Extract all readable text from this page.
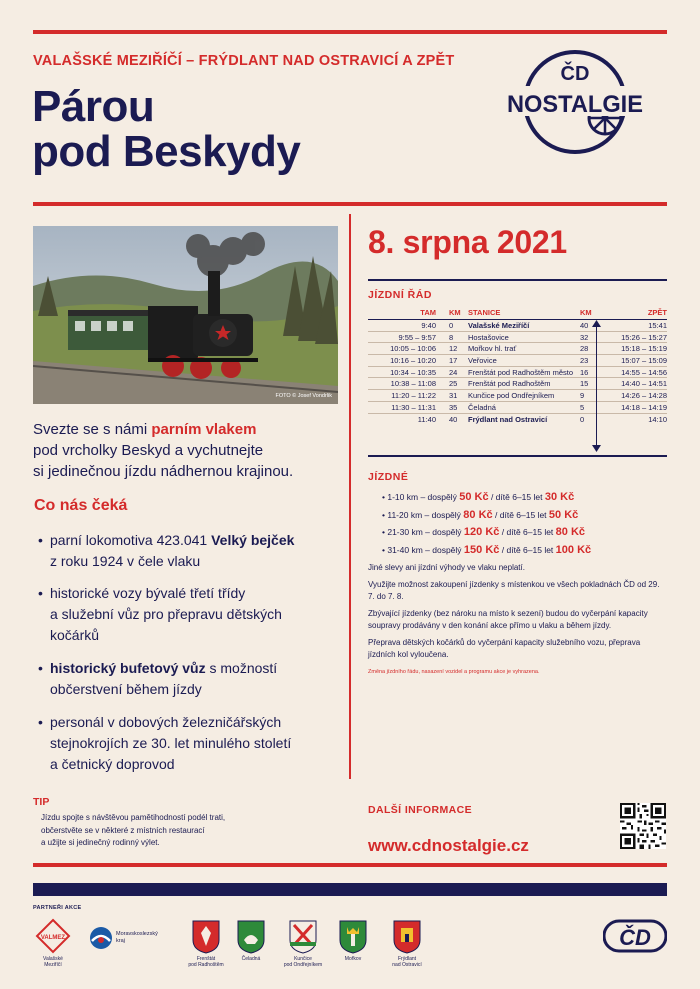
VALAŠSKÉ MEZIŘÍČÍ – FRÝDLANT NAD OSTRAVICÍ A ZPĚT
Párou
pod Beskydy
ČD
NOSTALGIE
FOTO © Josef Vondrlik
8. srpna 2021
JÍZDNÍ ŘÁD
TAM	KM STANICE	KM	ZPĚT
9:40	0	Valašské Meziříčí	40	15:41
9:55 – 9:57	8	Hostašovice	32	15:26 – 15:27
10:05 – 10:06	12	Mořkov hl. trať	28	15:18 – 15:19
10:16 – 10:20	17	Veřovice	23	15:07 – 15:09
10:34 – 10:35	24	Frenštát pod Radhoštěm město 16	14:55 – 14:56
10:38 – 11:08	25	Frenštát pod Radhoštěm	15	14:40 – 14:51
11:20 – 11:22	31	Kunčice pod Ondřejníkem	9	14:26 – 14:28
11:30 – 11:31	35	Čeladná	5	14:18 – 14:19
11:40	40	Frýdlant nad Ostravicí	0	14:10
JÍZDNÉ
• 1-10 km – dospělý 50 Kč / dítě 6–15 let 30 Kč
• 11-20 km – dospělý 80 Kč / dítě 6–15 let 50 Kč
• 21-30 km – dospělý 120 Kč / dítě 6–15 let 80 Kč
• 31-40 km – dospělý 150 Kč / dítě 6–15 let 100 Kč

Jiné slevy ani jízdní výhody ve vlaku neplatí.

Využijte možnost zakoupení jízdenky s místenkou ve všech pokladnách ČD od 29. 7. do 7. 8.

Zbývající jízdenky (bez nároku na místo k sezení) budou do vyčerpání kapacity soupravy prodávány v den konání akce přímo u vlaku a během jízdy.

Přeprava dětských kočárků do vyčerpání kapacity služebního vozu, přeprava jízdních kol vyloučena.

Změna jízdního řádu, nasazení vozidel a programu akce je vyhrazena.

Svezte se s námi parním vlakem
pod vrcholky Beskyd a vychutnejte
si jedinečnou jízdu nádhernou krajinou.
Co nás čeká
• parní lokomotiva 423.041 Velký bejček
z roku 1924 v čele vlaku
• historické vozy bývalé třetí třídy
a služební vůz pro přepravu dětských
kočárků
• historický bufetový vůz s možností
občerstvení během jízdy
• personál v dobových železničářských
stejnokrojích ze 30. let minulého století
a četnický doprovod
TIP
Jízdu spojte s návštěvou pamětihodností podél trati,
občerstvěte se v některé z místních restaurací
a užijte si jedinečný rodinný výlet.
DALŠÍ INFORMACE
www.cdnostalgie.cz
PARTNEŘI AKCE
VALMEZ
Valašské
Meziříčí
Moravskoslezský
kraj
Frenštát
pod Radhoštěm
Čeladná	Kunčice
pod Ondřejníkem
Mořkov	Frýdlant
nad Ostravicí
ČD
